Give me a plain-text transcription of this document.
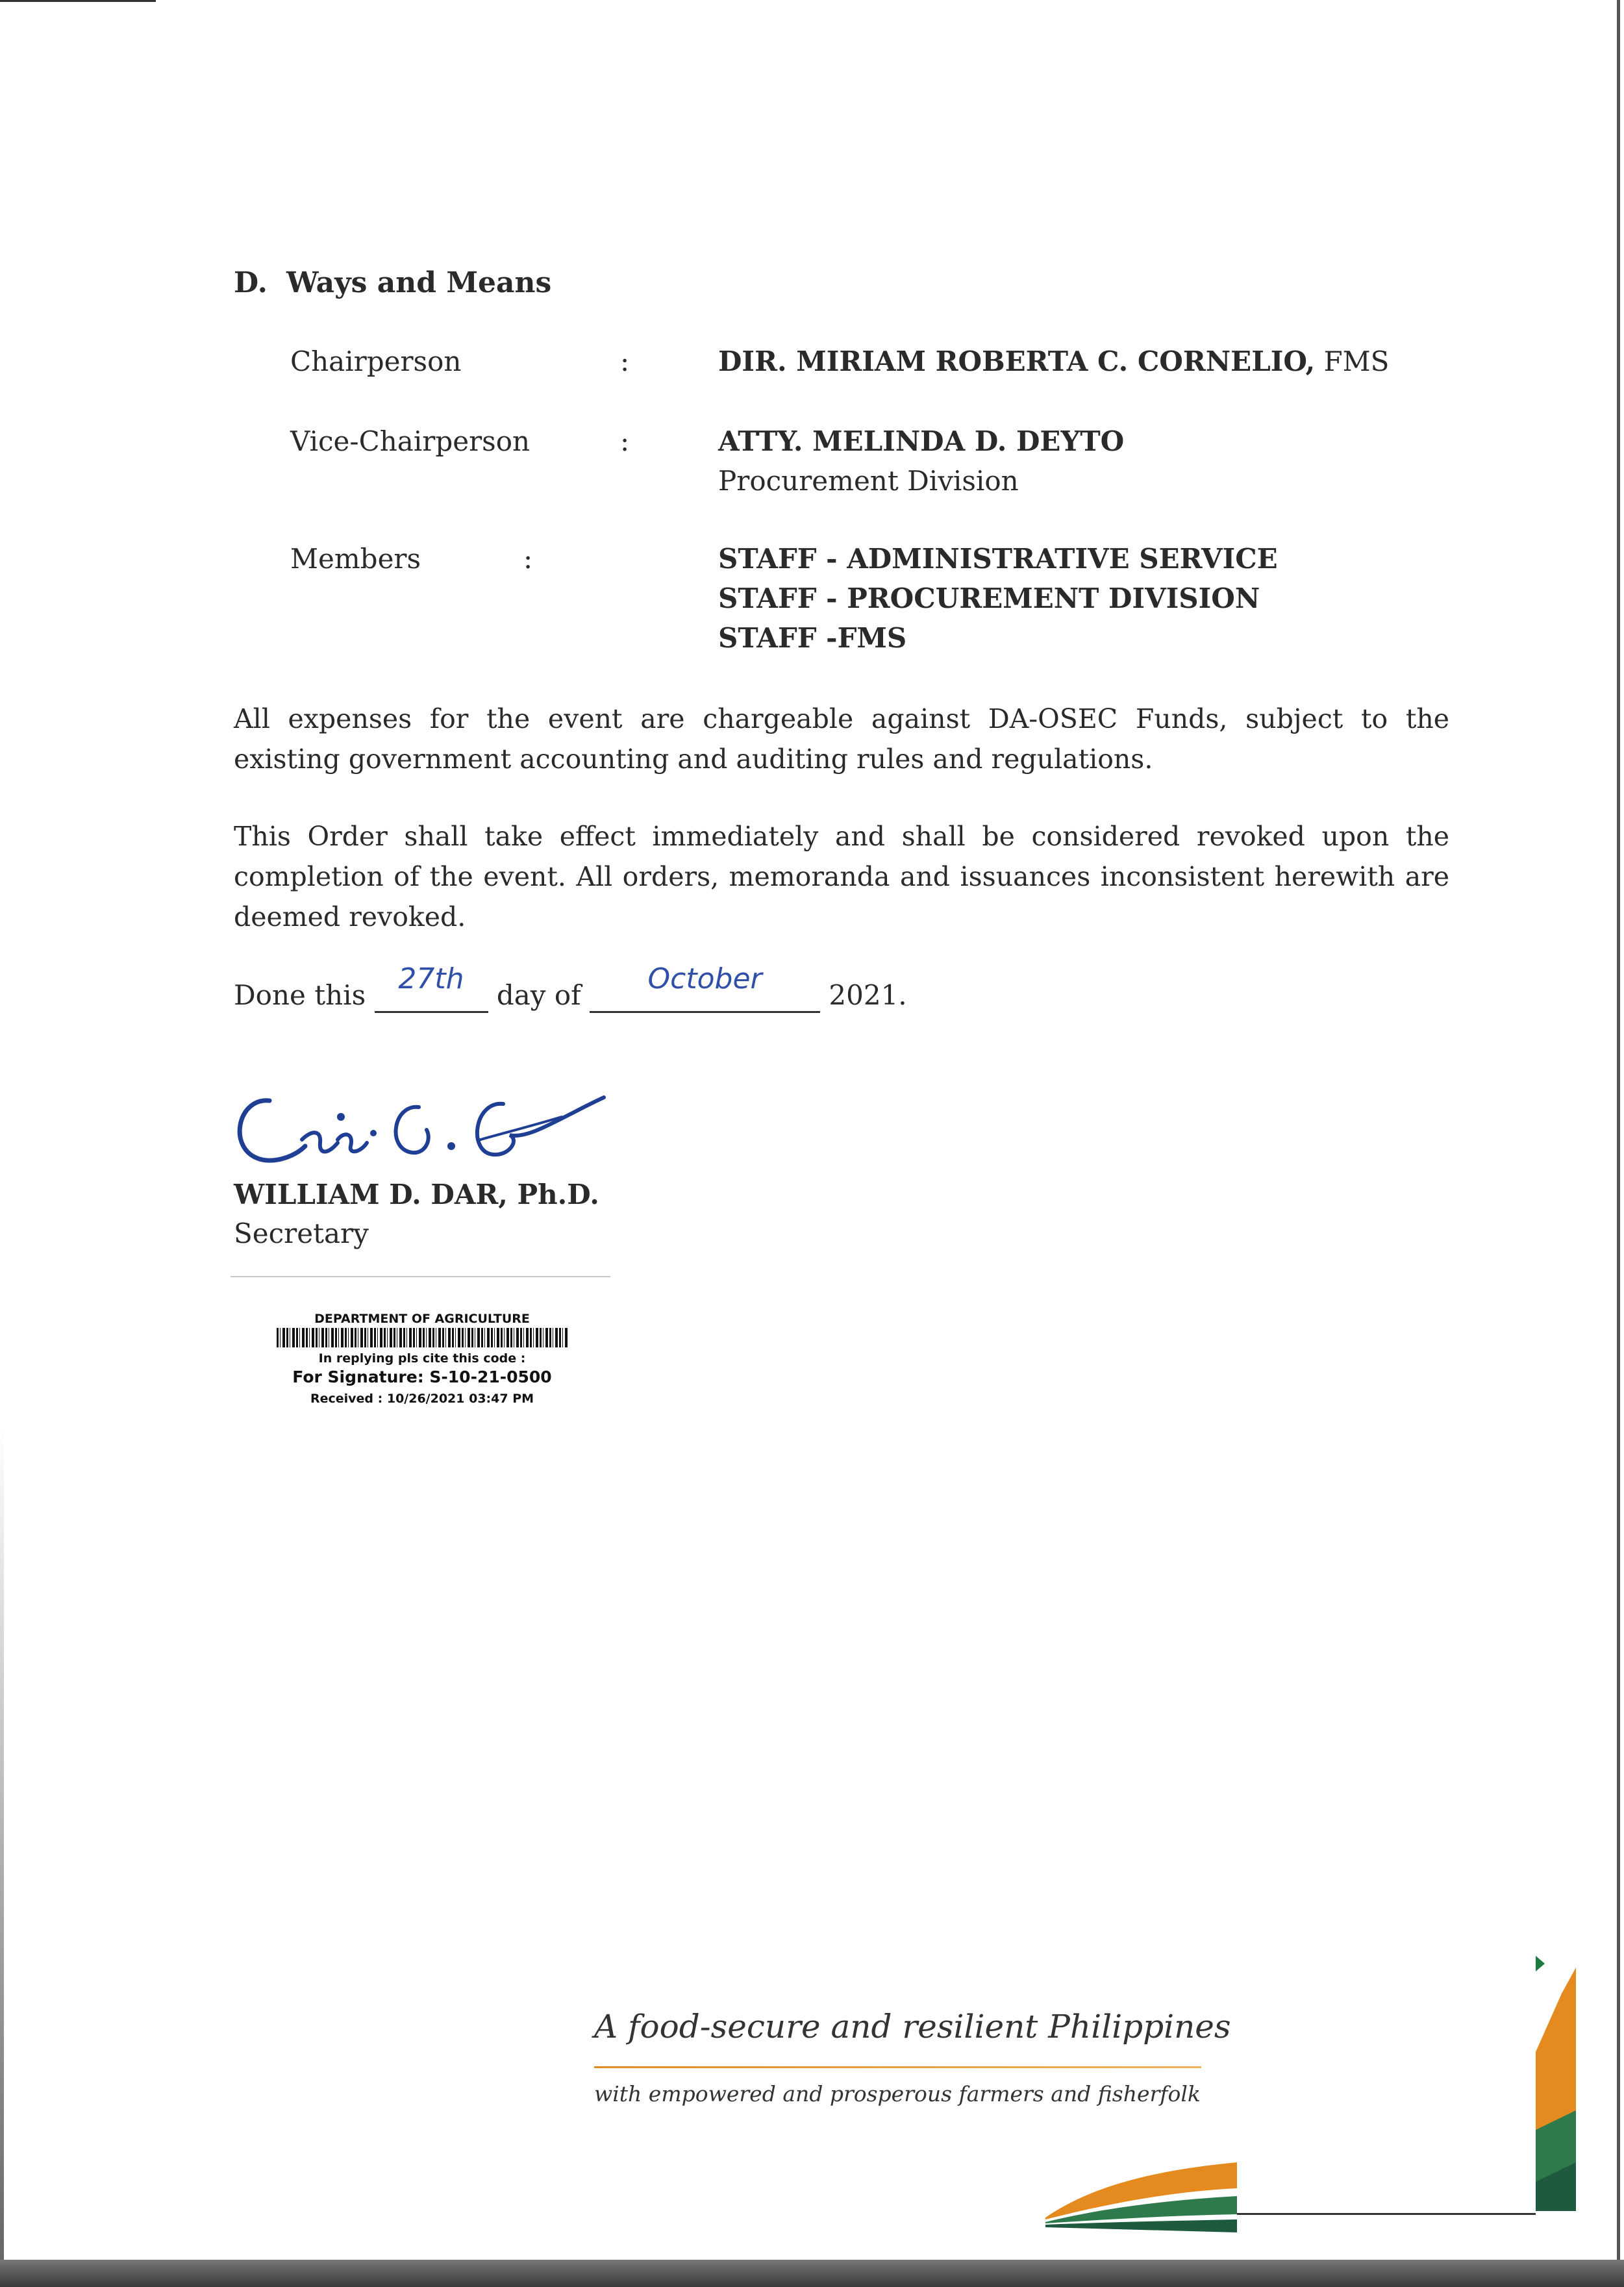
D. Ways and Means
Chairperson	:	DIR. MIRIAM ROBERTA C. CORNELIO, FMS
Vice-Chairperson	:	ATTY. MELINDA D. DEYTO
Procurement Division
Members	:	STAFF - ADMINISTRATIVE SERVICE
STAFF - PROCUREMENT DIVISION
STAFF -FMS

All expenses for the event are chargeable against DA-OSEC Funds, subject to the existing government accounting and auditing rules and regulations.

This Order shall take effect immediately and shall be considered revoked upon the completion of the event. All orders, memoranda and issuances inconsistent herewith are deemed revoked.

Done this	27th	day of	October	2021.
WILLIAM D. DAR, Ph.D.
Secretary
DEPARTMENT OF AGRICULTURE
In replying pls cite this code :
For Signature: S-10-21-0500
Received : 10/26/2021 03:47 PM
A food-secure and resilient Philippines
with empowered and prosperous farmers and fisherfolk
